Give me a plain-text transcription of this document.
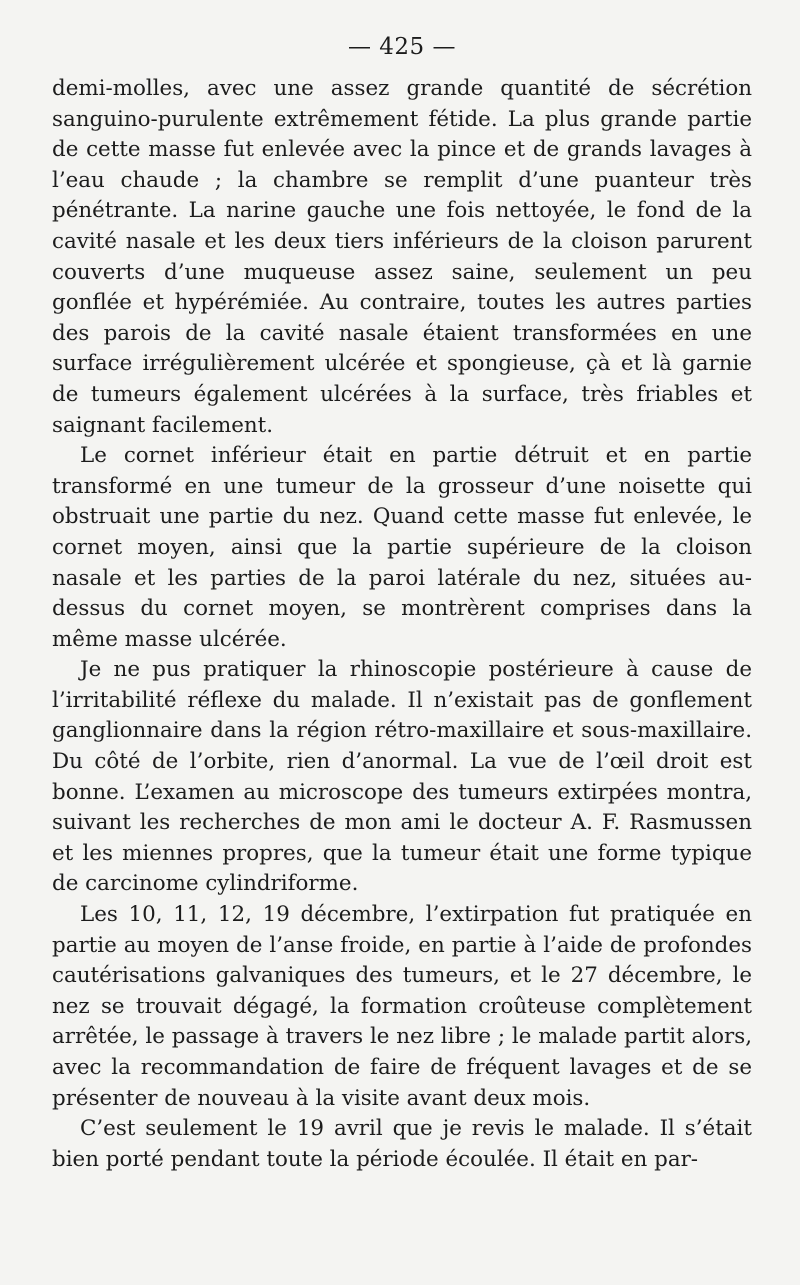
— 425 —

demi-molles, avec une assez grande quantité de sécrétion sanguino-purulente extrêmement fétide. La plus grande partie de cette masse fut enlevée avec la pince et de grands lavages à l’eau chaude ; la chambre se remplit d’une puanteur très pénétrante. La narine gauche une fois nettoyée, le fond de la cavité nasale et les deux tiers inférieurs de la cloison parurent couverts d’une muqueuse assez saine, seulement un peu gonflée et hypérémiée. Au contraire, toutes les autres parties des parois de la cavité nasale étaient transformées en une surface irrégulièrement ulcérée et spongieuse, çà et là garnie de tumeurs également ulcérées à la surface, très friables et saignant facilement.

Le cornet inférieur était en partie détruit et en partie transformé en une tumeur de la grosseur d’une noisette qui obstruait une partie du nez. Quand cette masse fut enlevée, le cornet moyen, ainsi que la partie supérieure de la cloison nasale et les parties de la paroi latérale du nez, situées au-dessus du cornet moyen, se montrèrent comprises dans la même masse ulcérée.

Je ne pus pratiquer la rhinoscopie postérieure à cause de l’irritabilité réflexe du malade. Il n’existait pas de gonflement ganglionnaire dans la région rétro-maxillaire et sous-maxillaire. Du côté de l’orbite, rien d’anormal. La vue de l’œil droit est bonne. L’examen au microscope des tumeurs extirpées montra, suivant les recherches de mon ami le docteur A. F. Rasmussen et les miennes propres, que la tumeur était une forme typique de carcinome cylindriforme.

Les 10, 11, 12, 19 décembre, l’extirpation fut pratiquée en partie au moyen de l’anse froide, en partie à l’aide de profondes cautérisations galvaniques des tumeurs, et le 27 décembre, le nez se trouvait dégagé, la formation croûteuse complètement arrêtée, le passage à travers le nez libre ; le malade partit alors, avec la recommandation de faire de fréquent lavages et de se présenter de nouveau à la visite avant deux mois.

C’est seulement le 19 avril que je revis le malade. Il s’était bien porté pendant toute la période écoulée. Il était en par-
